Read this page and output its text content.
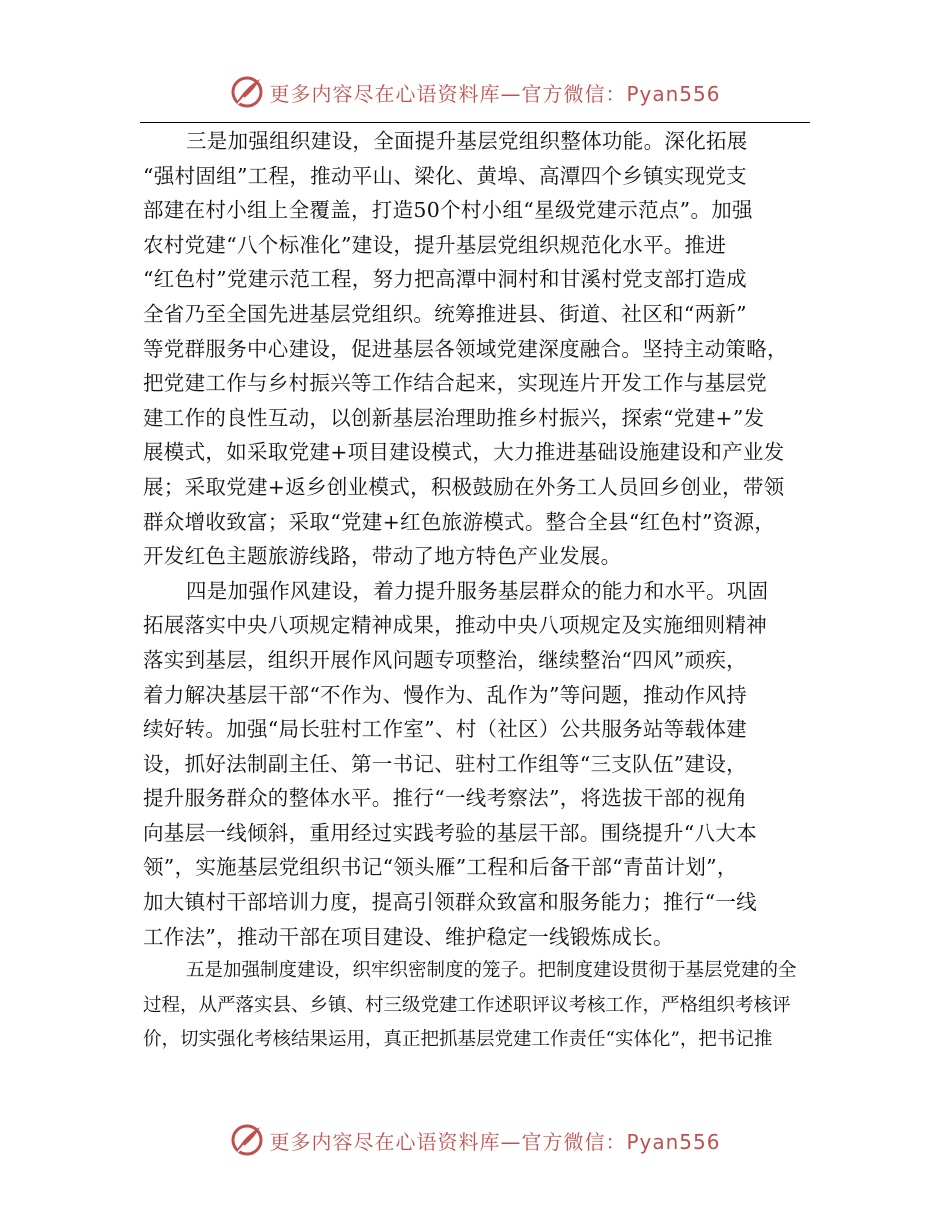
更多内容尽在心语资料库—官方微信：Pyan556
三是加强组织建设，全面提升基层党组织整体功能。深化拓展
“强村固组”工程，推动平山、梁化、黄埠、高潭四个乡镇实现党支
部建在村小组上全覆盖，打造50个村小组“星级党建示范点”。加强
农村党建“八个标准化”建设，提升基层党组织规范化水平。推进
“红色村”党建示范工程，努力把高潭中洞村和甘溪村党支部打造成
全省乃至全国先进基层党组织。统筹推进县、街道、社区和“两新”
等党群服务中心建设，促进基层各领域党建深度融合。坚持主动策略，
把党建工作与乡村振兴等工作结合起来，实现连片开发工作与基层党
建工作的良性互动，以创新基层治理助推乡村振兴，探索“党建+”发
展模式，如采取党建+项目建设模式，大力推进基础设施建设和产业发
展；采取党建+返乡创业模式，积极鼓励在外务工人员回乡创业，带领
群众增收致富；采取“党建+红色旅游模式。整合全县“红色村”资源，
开发红色主题旅游线路，带动了地方特色产业发展。
四是加强作风建设，着力提升服务基层群众的能力和水平。巩固
拓展落实中央八项规定精神成果，推动中央八项规定及实施细则精神
落实到基层，组织开展作风问题专项整治，继续整治“四风”顽疾，
着力解决基层干部“不作为、慢作为、乱作为”等问题，推动作风持
续好转。加强“局长驻村工作室”、村（社区）公共服务站等载体建
设，抓好法制副主任、第一书记、驻村工作组等“三支队伍”建设，
提升服务群众的整体水平。推行“一线考察法”，将选拔干部的视角
向基层一线倾斜，重用经过实践考验的基层干部。围绕提升“八大本
领”，实施基层党组织书记“领头雁”工程和后备干部“青苗计划”，
加大镇村干部培训力度，提高引领群众致富和服务能力；推行“一线
工作法”，推动干部在项目建设、维护稳定一线锻炼成长。
五是加强制度建设，织牢织密制度的笼子。把制度建设贯彻于基层党建的全
过程，从严落实县、乡镇、村三级党建工作述职评议考核工作，严格组织考核评
价，切实强化考核结果运用，真正把抓基层党建工作责任“实体化”，把书记推
更多内容尽在心语资料库—官方微信：Pyan556
